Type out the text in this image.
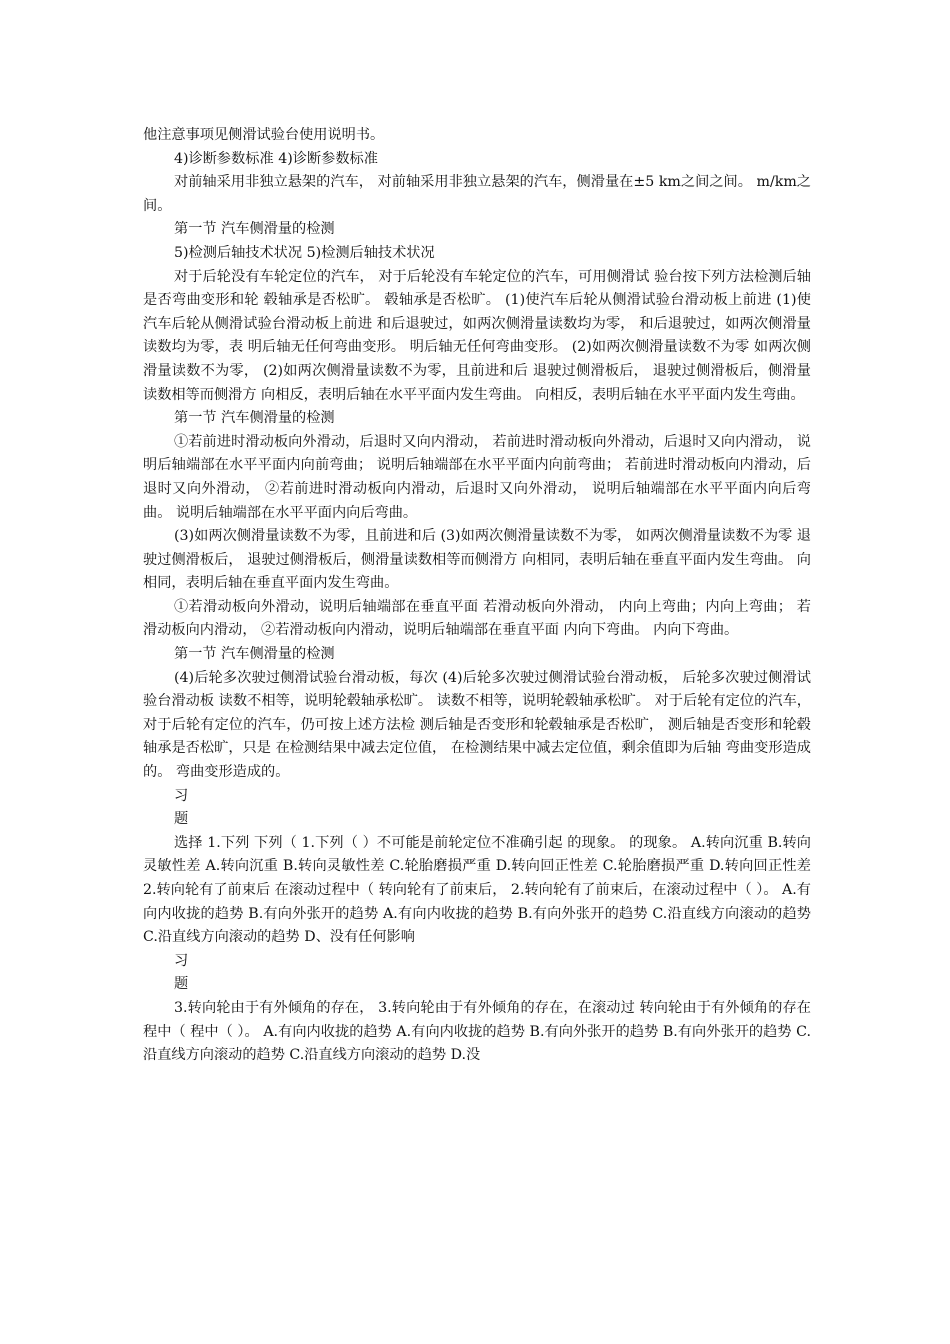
他注意事项见侧滑试验台使用说明书。

4)诊断参数标准 4)诊断参数标准

对前轴采用非独立悬架的汽车， 对前轴采用非独立悬架的汽车，侧滑量在±5 km之间之间。 m/km之间。

第一节 汽车侧滑量的检测

5)检测后轴技术状况 5)检测后轴技术状况

对于后轮没有车轮定位的汽车， 对于后轮没有车轮定位的汽车，可用侧滑试 验台按下列方法检测后轴是否弯曲变形和轮 毂轴承是否松旷。 毂轴承是否松旷。 (1)使汽车后轮从侧滑试验台滑动板上前进 (1)使汽车后轮从侧滑试验台滑动板上前进 和后退驶过，如两次侧滑量读数均为零， 和后退驶过，如两次侧滑量读数均为零，表 明后轴无任何弯曲变形。 明后轴无任何弯曲变形。 (2)如两次侧滑量读数不为零 如两次侧滑量读数不为零， (2)如两次侧滑量读数不为零，且前进和后 退驶过侧滑板后， 退驶过侧滑板后，侧滑量读数相等而侧滑方 向相反，表明后轴在水平平面内发生弯曲。 向相反，表明后轴在水平平面内发生弯曲。

第一节 汽车侧滑量的检测

①若前进时滑动板向外滑动，后退时又向内滑动， 若前进时滑动板向外滑动，后退时又向内滑动， 说明后轴端部在水平平面内向前弯曲； 说明后轴端部在水平平面内向前弯曲； 若前进时滑动板向内滑动，后退时又向外滑动， ②若前进时滑动板向内滑动，后退时又向外滑动， 说明后轴端部在水平平面内向后弯曲。 说明后轴端部在水平平面内向后弯曲。

(3)如两次侧滑量读数不为零，且前进和后 (3)如两次侧滑量读数不为零， 如两次侧滑量读数不为零 退驶过侧滑板后， 退驶过侧滑板后，侧滑量读数相等而侧滑方 向相同，表明后轴在垂直平面内发生弯曲。 向相同，表明后轴在垂直平面内发生弯曲。

①若滑动板向外滑动，说明后轴端部在垂直平面 若滑动板向外滑动， 内向上弯曲；内向上弯曲； 若滑动板向内滑动， ②若滑动板向内滑动，说明后轴端部在垂直平面 内向下弯曲。 内向下弯曲。

第一节 汽车侧滑量的检测

(4)后轮多次驶过侧滑试验台滑动板，每次 (4)后轮多次驶过侧滑试验台滑动板， 后轮多次驶过侧滑试验台滑动板 读数不相等，说明轮毂轴承松旷。 读数不相等，说明轮毂轴承松旷。 对于后轮有定位的汽车， 对于后轮有定位的汽车，仍可按上述方法检 测后轴是否变形和轮毂轴承是否松旷， 测后轴是否变形和轮毂轴承是否松旷，只是 在检测结果中减去定位值， 在检测结果中减去定位值，剩余值即为后轴 弯曲变形造成的。 弯曲变形造成的。

习

题

选择 1.下列 下列（ 1.下列（ ）不可能是前轮定位不准确引起 的现象。 的现象。 A.转向沉重 B.转向灵敏性差 A.转向沉重 B.转向灵敏性差 C.轮胎磨损严重 D.转向回正性差 C.轮胎磨损严重 D.转向回正性差 2.转向轮有了前束后 在滚动过程中（ 转向轮有了前束后， 2.转向轮有了前束后，在滚动过程中（ ）。 A.有向内收拢的趋势 B.有向外张开的趋势 A.有向内收拢的趋势 B.有向外张开的趋势 C.沿直线方向滚动的趋势 C.沿直线方向滚动的趋势 D、没有任何影响

习

题

3.转向轮由于有外倾角的存在， 3.转向轮由于有外倾角的存在，在滚动过 转向轮由于有外倾角的存在 程中（ 程中（ ）。 A.有向内收拢的趋势 A.有向内收拢的趋势 B.有向外张开的趋势 B.有向外张开的趋势 C.沿直线方向滚动的趋势 C.沿直线方向滚动的趋势 D.没
